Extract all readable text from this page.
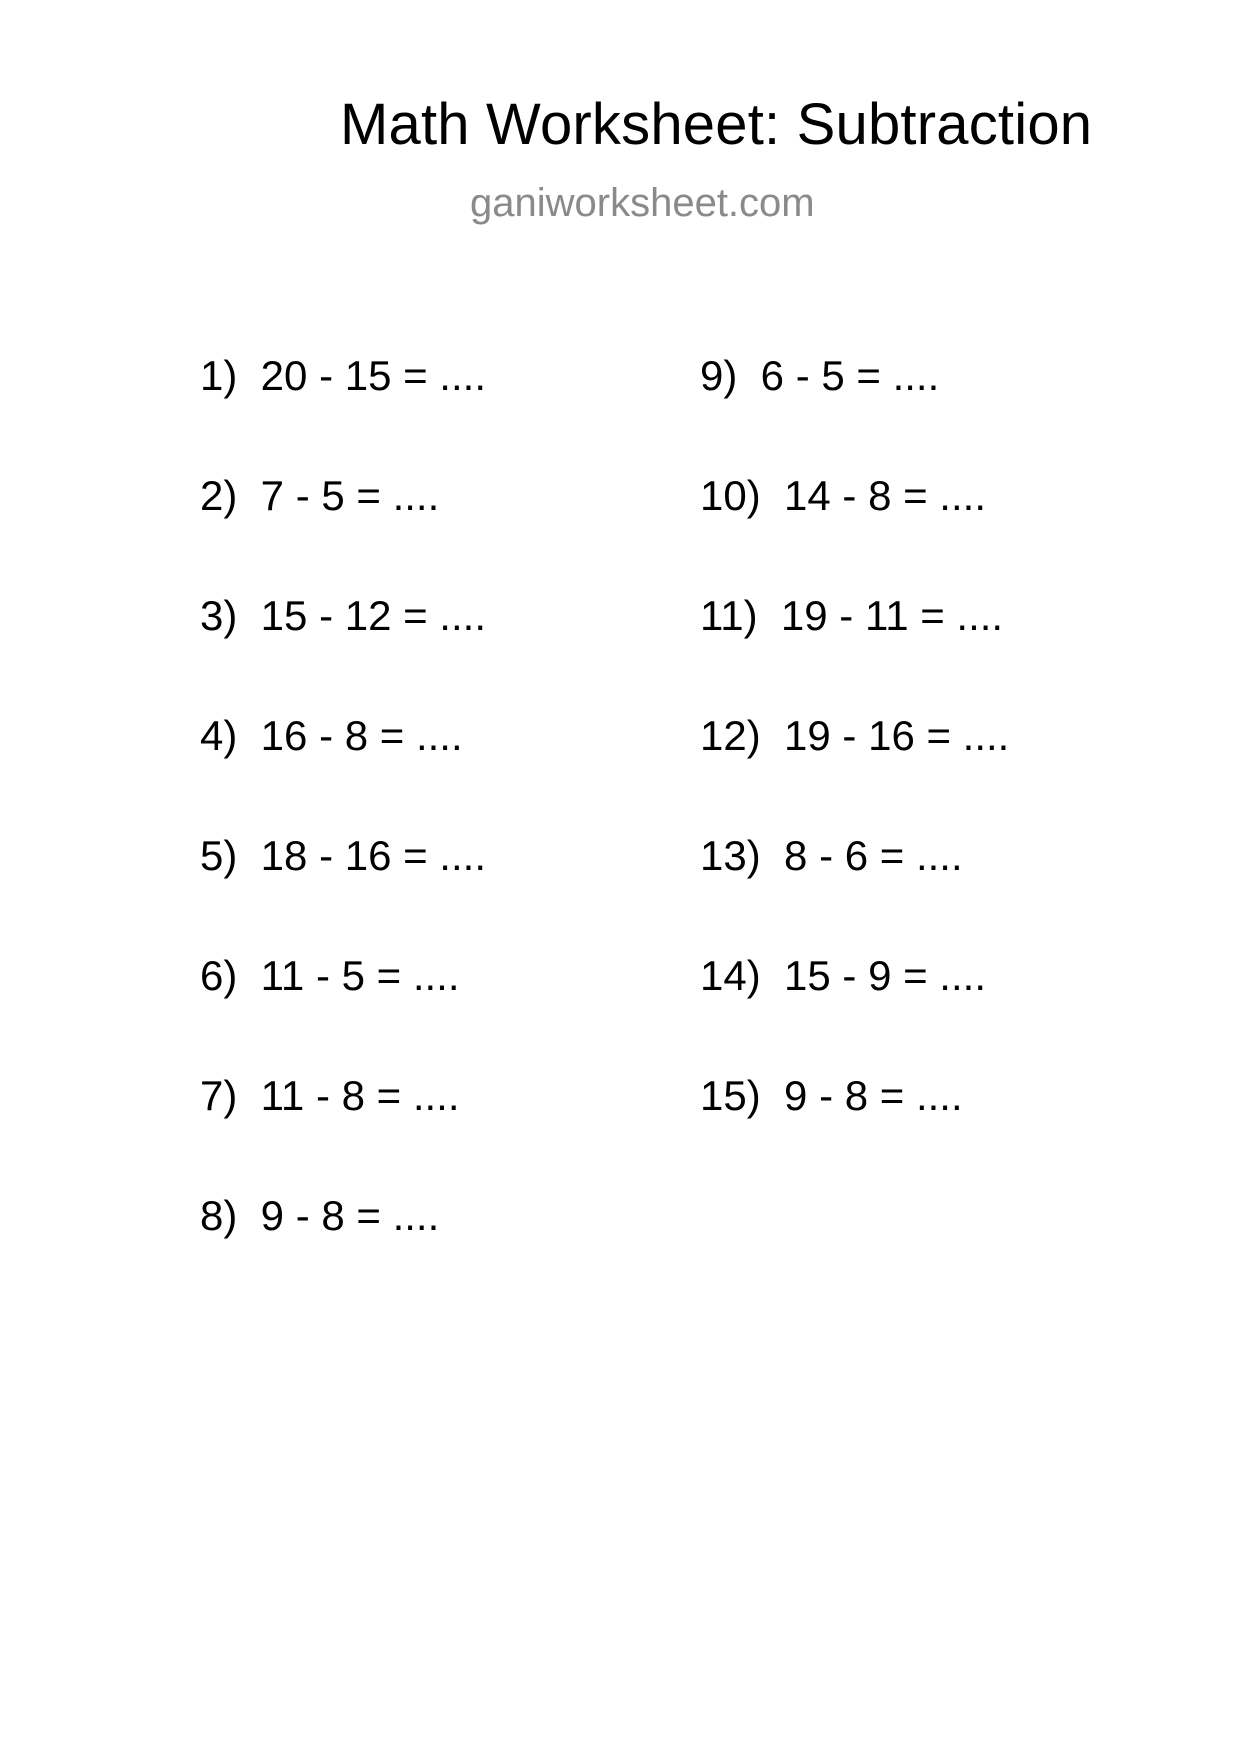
Math Worksheet: Subtraction
ganiworksheet.com
1)  20 - 15 = ....
2)  7 - 5 = ....
3)  15 - 12 = ....
4)  16 - 8 = ....
5)  18 - 16 = ....
6)  11 - 5 = ....
7)  11 - 8 = ....
8)  9 - 8 = ....
9)  6 - 5 = ....
10)  14 - 8 = ....
11)  19 - 11 = ....
12)  19 - 16 = ....
13)  8 - 6 = ....
14)  15 - 9 = ....
15)  9 - 8 = ....
